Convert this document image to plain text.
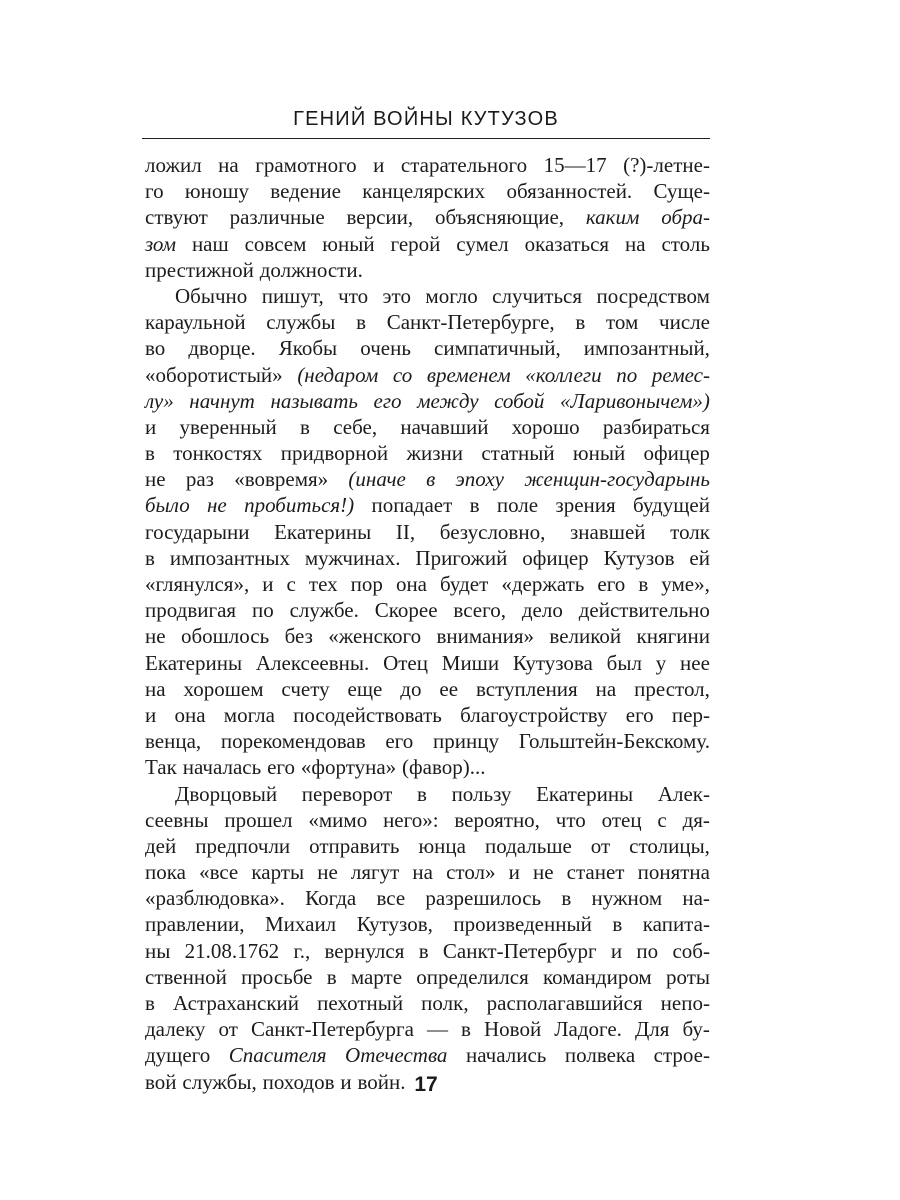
ГЕНИЙ ВОЙНЫ КУТУЗОВ
ложил на грамотного и старательного 15—17 (?)-летне-
го юношу ведение канцелярских обязанностей. Суще-
ствуют различные версии, объясняющие, каким обра-
зом наш совсем юный герой сумел оказаться на столь
престижной должности.
Обычно пишут, что это могло случиться посредством
караульной службы в Санкт-Петербурге, в том числе
во дворце. Якобы очень симпатичный, импозантный,
«оборотистый» (недаром со временем «коллеги по ремес-
лу» начнут называть его между собой «Ларивонычем»)
и уверенный в себе, начавший хорошо разбираться
в тонкостях придворной жизни статный юный офицер
не раз «вовремя» (иначе в эпоху женщин-государынь
было не пробиться!) попадает в поле зрения будущей
государыни Екатерины II, безусловно, знавшей толк
в импозантных мужчинах. Пригожий офицер Кутузов ей
«глянулся», и с тех пор она будет «держать его в уме»,
продвигая по службе. Скорее всего, дело действительно
не обошлось без «женского внимания» великой княгини
Екатерины Алексеевны. Отец Миши Кутузова был у нее
на хорошем счету еще до ее вступления на престол,
и она могла посодействовать благоустройству его пер-
венца, порекомендовав его принцу Гольштейн-Бекскому.
Так началась его «фортуна» (фавор)...
Дворцовый переворот в пользу Екатерины Алек-
сеевны прошел «мимо него»: вероятно, что отец с дя-
дей предпочли отправить юнца подальше от столицы,
пока «все карты не лягут на стол» и не станет понятна
«разблюдовка». Когда все разрешилось в нужном на-
правлении, Михаил Кутузов, произведенный в капита-
ны 21.08.1762 г., вернулся в Санкт-Петербург и по соб-
ственной просьбе в марте определился командиром роты
в Астраханский пехотный полк, располагавшийся непо-
далеку от Санкт-Петербурга — в Новой Ладоге. Для бу-
дущего Спасителя Отечества начались полвека строе-
вой службы, походов и войн. 17
